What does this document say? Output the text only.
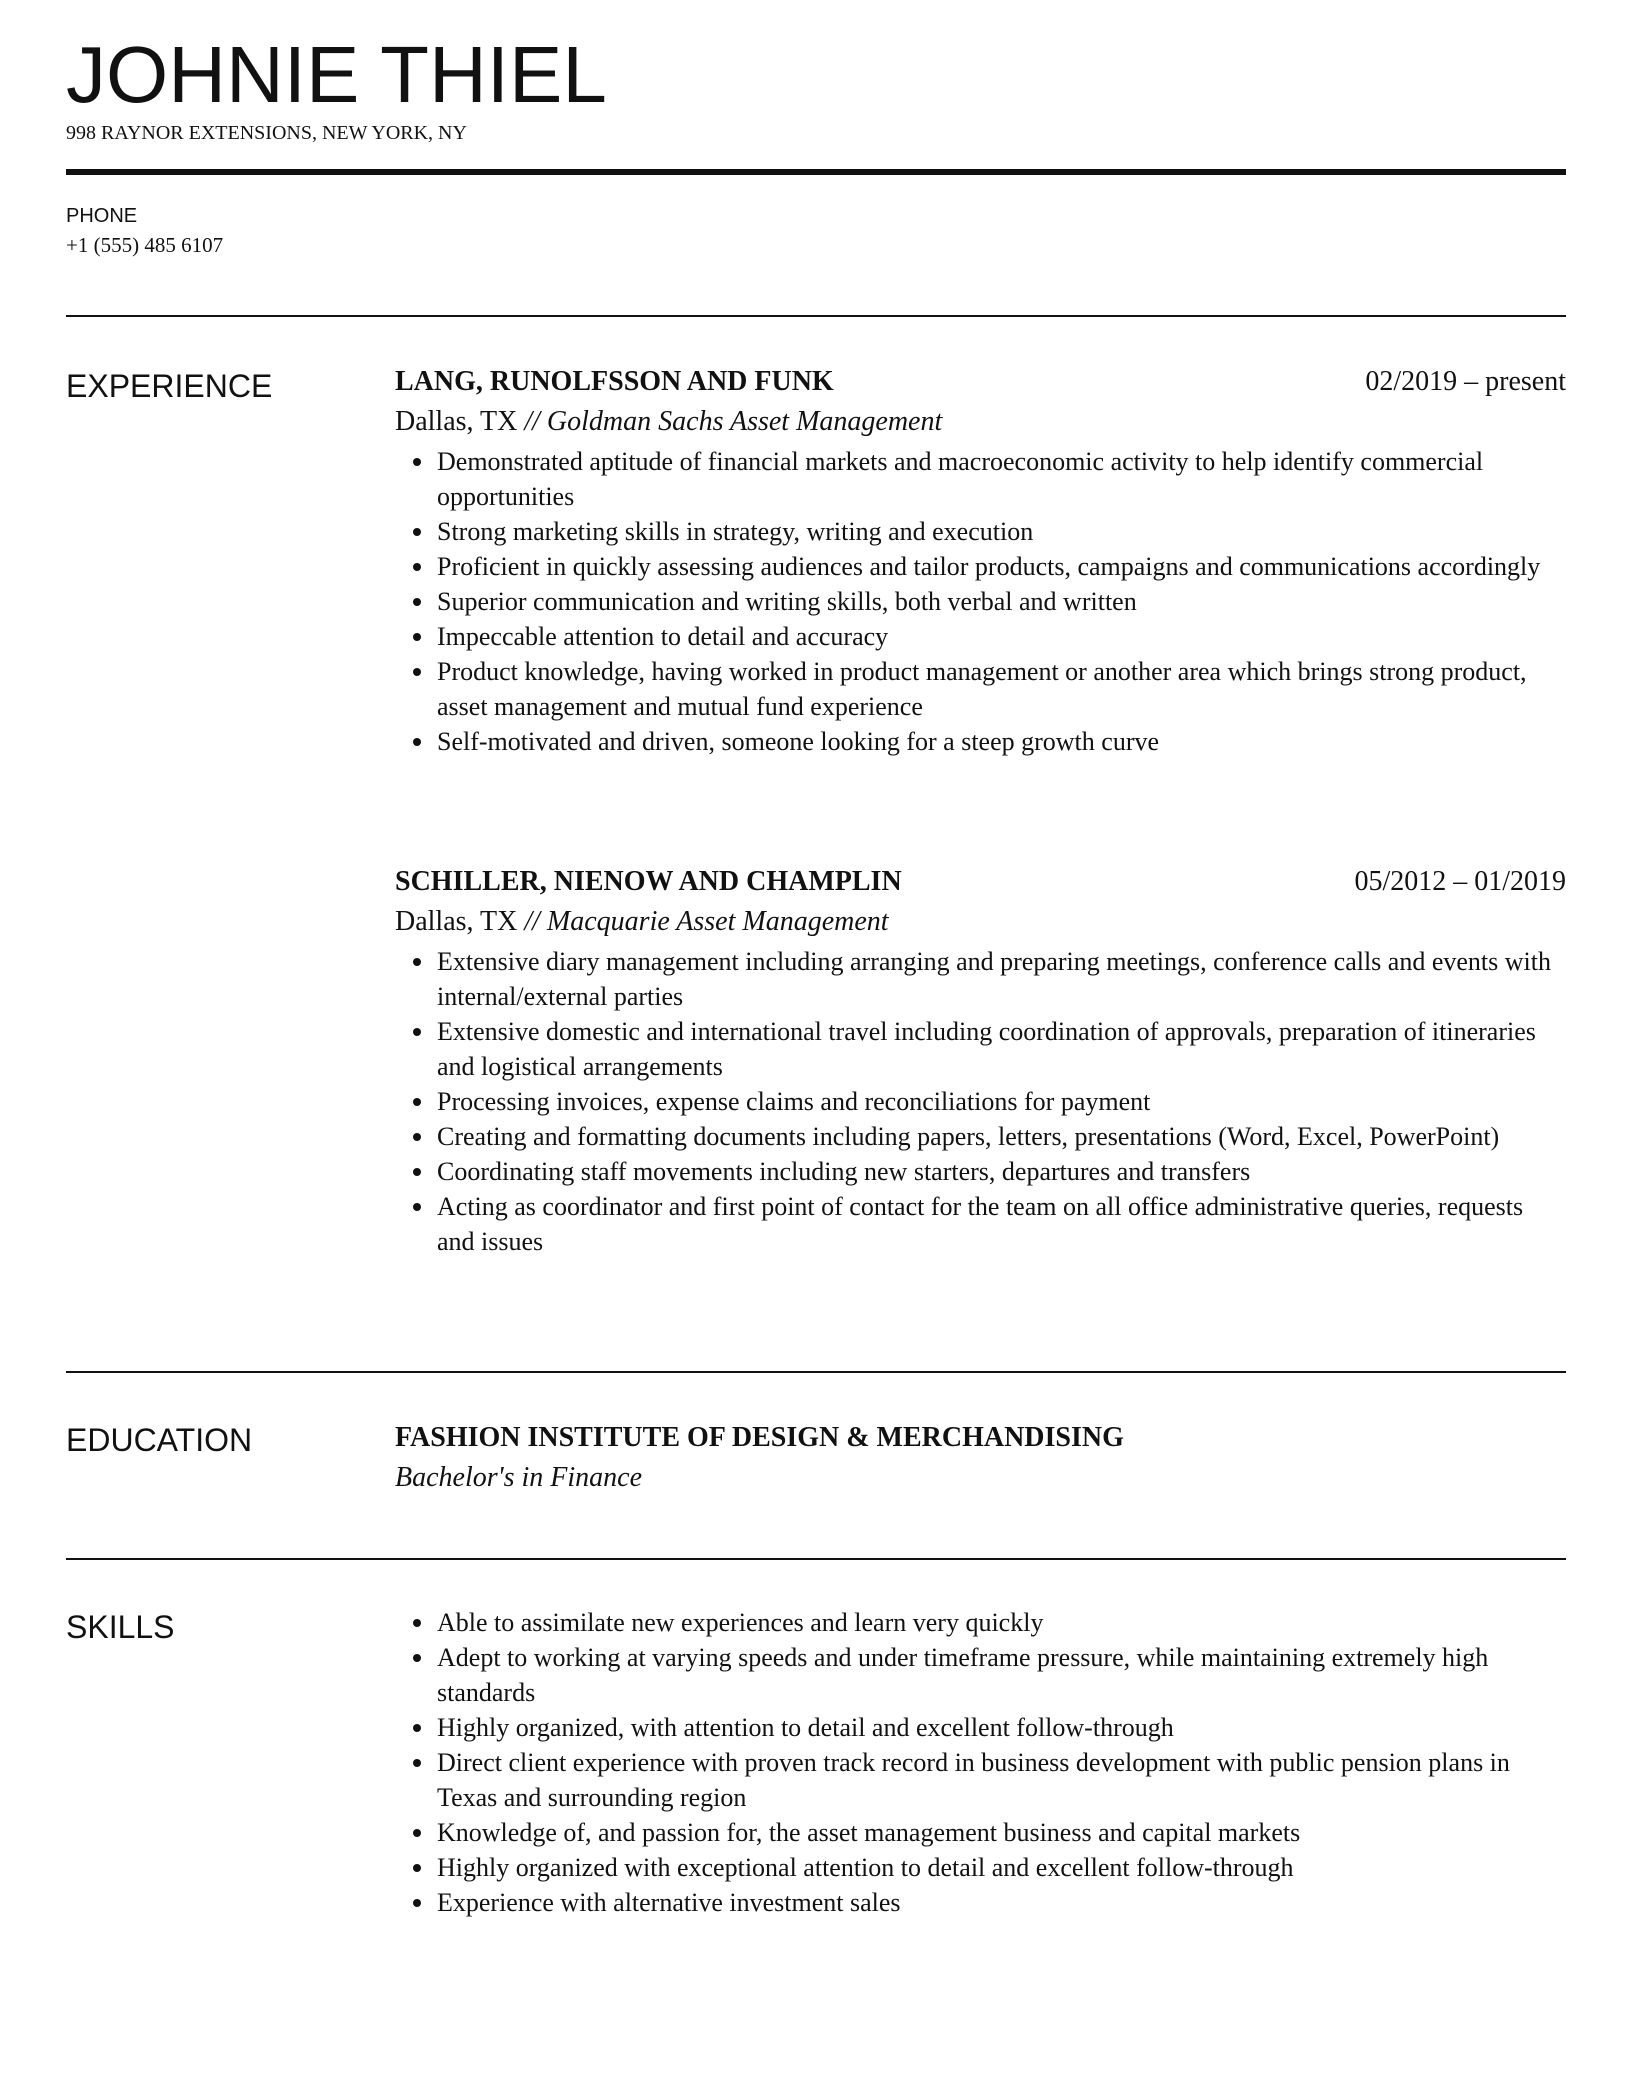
JOHNIE THIEL
998 RAYNOR EXTENSIONS, NEW YORK, NY
PHONE
+1 (555) 485 6107
EXPERIENCE	LANG, RUNOLFSSON AND FUNK	02/2019 – present
Dallas, TX // Goldman Sachs Asset Management
Demonstrated aptitude of financial markets and macroeconomic activity to help identify commercial opportunities
Strong marketing skills in strategy, writing and execution
Proficient in quickly assessing audiences and tailor products, campaigns and communications accordingly
Superior communication and writing skills, both verbal and written
Impeccable attention to detail and accuracy
Product knowledge, having worked in product management or another area which brings strong product, asset management and mutual fund experience
Self-motivated and driven, someone looking for a steep growth curve
SCHILLER, NIENOW AND CHAMPLIN	05/2012 – 01/2019
Dallas, TX // Macquarie Asset Management
Extensive diary management including arranging and preparing meetings, conference calls and events with internal/external parties
Extensive domestic and international travel including coordination of approvals, preparation of itineraries and logistical arrangements
Processing invoices, expense claims and reconciliations for payment
Creating and formatting documents including papers, letters, presentations (Word, Excel, PowerPoint)
Coordinating staff movements including new starters, departures and transfers
Acting as coordinator and first point of contact for the team on all office administrative queries, requests and issues
EDUCATION	FASHION INSTITUTE OF DESIGN & MERCHANDISING
Bachelor's in Finance
SKILLS	Able to assimilate new experiences and learn very quickly
Adept to working at varying speeds and under timeframe pressure, while maintaining extremely high standards
Highly organized, with attention to detail and excellent follow-through
Direct client experience with proven track record in business development with public pension plans in Texas and surrounding region
Knowledge of, and passion for, the asset management business and capital markets
Highly organized with exceptional attention to detail and excellent follow-through
Experience with alternative investment sales
